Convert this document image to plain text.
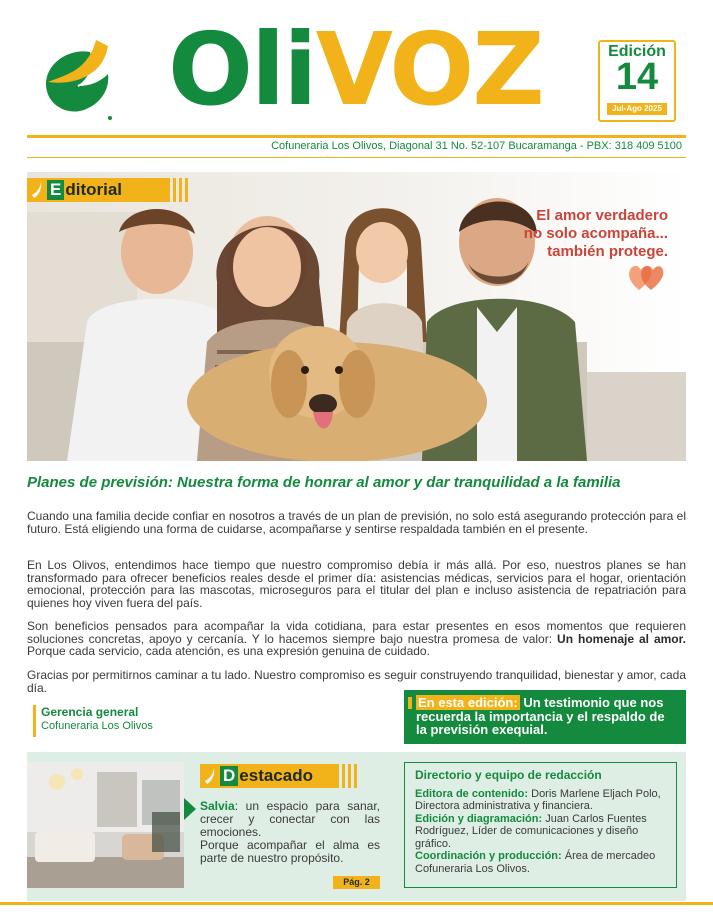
OliVOZ	Edición
14
Jul-Ago 2025
Cofuneraria Los Olivos, Diagonal 31 No. 52-107 Bucaramanga - PBX: 318 409 5100
El amor verdadero
no solo acompaña...
también protege.
E ditorial
Planes de previsión: Nuestra forma de honrar al amor y dar tranquilidad a la familia

Cuando una familia decide confiar en nosotros a través de un plan de previsión, no solo está asegurando protección para el futuro. Está eligiendo una forma de cuidarse, acompañarse y sentirse respaldada también en el presente.

En Los Olivos, entendimos hace tiempo que nuestro compromiso debía ir más allá. Por eso, nuestros planes se han transformado para ofrecer beneficios reales desde el primer día: asistencias médicas, servicios para el hogar, orientación emocional, protección para las mascotas, microseguros para el titular del plan e incluso asistencia de repatriación para quienes hoy viven fuera del país.

Son beneficios pensados para acompañar la vida cotidiana, para estar presentes en esos momentos que requieren soluciones concretas, apoyo y cercanía. Y lo hacemos siempre bajo nuestra promesa de valor: Un homenaje al amor. Porque cada servicio, cada atención, es una expresión genuina de cuidado.

Gracias por permitirnos caminar a tu lado. Nuestro compromiso es seguir construyendo tranquilidad, bienestar y amor, cada día.

Gerencia general
Cofuneraria Los Olivos
En esta edición: Un testimonio que nos recuerda la importancia y el respaldo de la previsión exequial.
D estacado
Salvia: un espacio para sanar, crecer y conectar con las emociones.
Porque acompañar el alma es parte de nuestro propósito.
Pág. 2
Directorio y equipo de redacción
Editora de contenido: Doris Marlene Eljach Polo, Directora administrativa y financiera.
Edición y diagramación: Juan Carlos Fuentes Rodríguez, Líder de comunicaciones y diseño gráfico.
Coordinación y producción: Área de mercadeo Cofuneraria Los Olivos.
